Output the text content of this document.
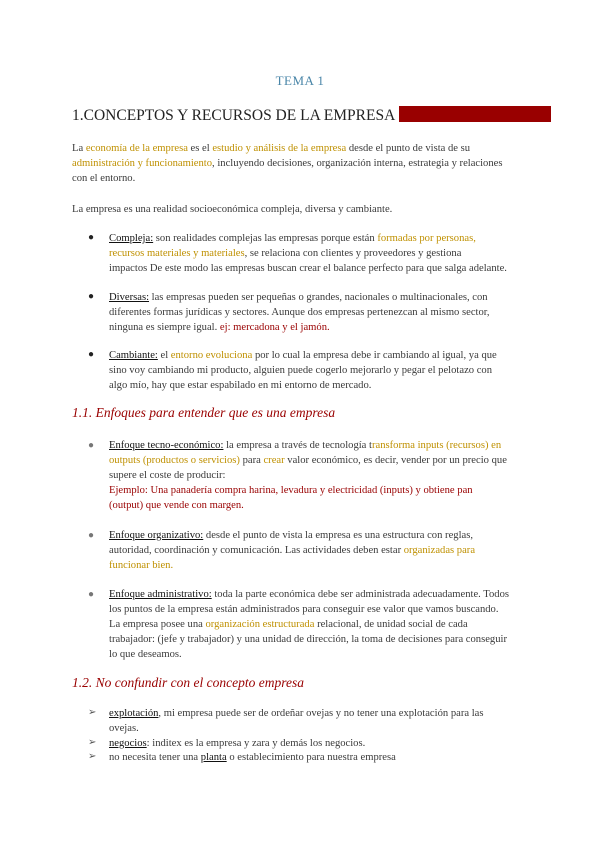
TEMA 1
1.CONCEPTOS Y RECURSOS DE LA EMPRESA
La economía de la empresa es el estudio y análisis de la empresa desde el punto de vista de su
administración y funcionamiento, incluyendo decisiones, organización interna, estrategia y relaciones
con el entorno.
La empresa es una realidad socioeconómica compleja, diversa y cambiante.
● Compleja: son realidades complejas las empresas porque están formadas por personas,
recursos materiales y materiales, se relaciona con clientes y proveedores y gestiona
impactos De este modo las empresas buscan crear el balance perfecto para que salga adelante.
● Diversas: las empresas pueden ser pequeñas o grandes, nacionales o multinacionales, con
diferentes formas jurídicas y sectores. Aunque dos empresas pertenezcan al mismo sector,
ninguna es siempre igual. ej: mercadona y el jamón.
● Cambiante: el entorno evoluciona por lo cual la empresa debe ir cambiando al igual, ya que
sino voy cambiando mi producto, alguien puede cogerlo mejorarlo y pegar el pelotazo con
algo mío, hay que estar espabilado en mi entorno de mercado.
1.1. Enfoques para entender que es una empresa
● Enfoque tecno-económico: la empresa a través de tecnología transforma inputs (recursos) en
outputs (productos o servicios) para crear valor económico, es decir, vender por un precio que
supere el coste de producir:
Ejemplo: Una panadería compra harina, levadura y electricidad (inputs) y obtiene pan
(output) que vende con margen.
● Enfoque organizativo: desde el punto de vista la empresa es una estructura con reglas,
autoridad, coordinación y comunicación. Las actividades deben estar organizadas para
funcionar bien.
● Enfoque administrativo: toda la parte económica debe ser administrada adecuadamente. Todos
los puntos de la empresa están administrados para conseguir ese valor que vamos buscando.
La empresa posee una organización estructurada relacional, de unidad social de cada
trabajador: (jefe y trabajador) y una unidad de dirección, la toma de decisiones para conseguir
lo que deseamos.
1.2. No confundir con el concepto empresa
➢ explotación, mi empresa puede ser de ordeñar ovejas y no tener una explotación para las
ovejas.
➢ negocios: inditex es la empresa y zara y demás los negocios.
➢ no necesita tener una planta o establecimiento para nuestra empresa
